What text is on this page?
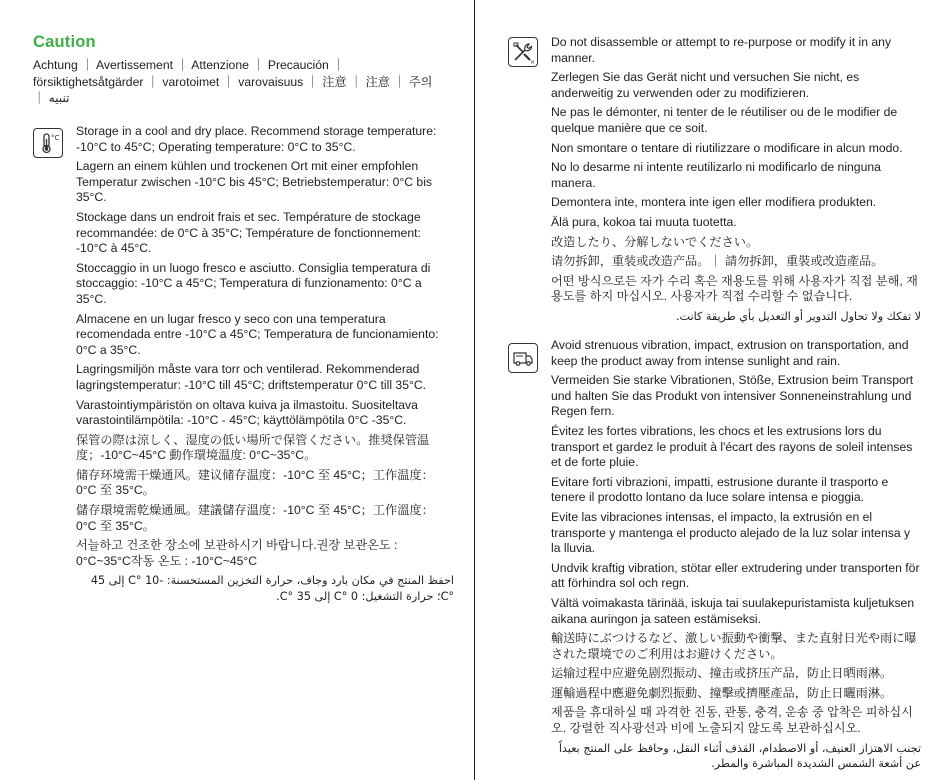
Caution
Achtung ｜ Avertissement ｜ Attenzione ｜ Precaución ｜ försiktighetsåtgärder ｜ varotoimet ｜ varovaisuus ｜ 注意 ｜ 注意 ｜ 주의 ｜ تنبيه
°C Storage in a cool and dry place. Recommend storage temperature: -10°C to 45°C; Operating temperature: 0°C to 35°C.
Lagern an einem kühlen und trockenen Ort mit einer empfohlen Temperatur zwischen -10°C bis 45°C; Betriebstemperatur: 0°C bis 35°C.
Stockage dans un endroit frais et sec. Température de stockage recommandée: de 0°C à 35°C; Température de fonctionnement: -10°C à 45°C.
Stoccaggio in un luogo fresco e asciutto. Consiglia temperatura di stoccaggio: -10°C a 45°C; Temperatura di funzionamento: 0°C a 35°C.
Almacene en un lugar fresco y seco con una temperatura recomendada entre -10°C a 45°C; Temperatura de funcionamiento: 0°C a 35°C.
Lagringsmiljön måste vara torr och ventilerad. Rekommenderad lagringstemperatur: -10°C till 45°C; driftstemperatur 0°C till 35°C.
Varastointiympäristön on oltava kuiva ja ilmastoitu. Suositeltava varastointilämpötila: -10°C - 45°C; käyttölämpötila 0°C -35°C.
保管の際は涼しく、湿度の低い場所で保管ください。推奨保管温度；-10°C~45°C 動作環境温度: 0°C~35°C。
储存环境需干燥通风。建议储存温度：-10°C 至 45°C；工作温度：0°C 至 35°C。
儲存環境需乾燥通風。建議儲存溫度：-10°C 至 45°C；工作溫度：0°C 至 35°C。
서늘하고 건조한 장소에 보관하시기 바랍니다.권장 보관온도 : 0°C~35°C작동 온도 : -10°C~45°C
احفظ المنتج في مكان بارد وجاف، حرارة التخزين المستحسنة: -10 °C إلى 45 °C؛ حرارة التشغيل: 0 °C إلى 35 °C.
×
Do not disassemble or attempt to re-purpose or modify it in any manner.
Zerlegen Sie das Gerät nicht und versuchen Sie nicht, es anderweitig zu verwenden oder zu modifizieren.
Ne pas le démonter, ni tenter de le réutiliser ou de le modifier de quelque manière que ce soit.
Non smontare o tentare di riutilizzare o modificare in alcun modo.
No lo desarme ni intente reutilizarlo ni modificarlo de ninguna manera.
Demontera inte, montera inte igen eller modifiera produkten.
Älä pura, kokoa tai muuta tuotetta.
改造したり、分解しないでください。
请勿拆卸，重装或改造产品。｜ 請勿拆卸，重裝或改造產品。
어떤 방식으로든 자가 수리 혹은 재용도를 위해 사용자가 직접 분해, 재용도를 하지 마십시오. 사용자가 직접 수리할 수 없습니다.
لا تفكك ولا تحاول التدوير أو التعديل بأي طريقة كانت.
Avoid strenuous vibration, impact, extrusion on transportation, and keep the product away from intense sunlight and rain.
Vermeiden Sie starke Vibrationen, Stöße, Extrusion beim Transport und halten Sie das Produkt von intensiver Sonneneinstrahlung und Regen fern.
Évitez les fortes vibrations, les chocs et les extrusions lors du transport et gardez le produit à l'écart des rayons de soleil intenses et de forte pluie.
Evitare forti vibrazioni, impatti, estrusione durante il trasporto e tenere il prodotto lontano da luce solare intensa e pioggia.
Evite las vibraciones intensas, el impacto, la extrusión en el transporte y mantenga el producto alejado de la luz solar intensa y la lluvia.
Undvik kraftig vibration, stötar eller extrudering under transporten för att förhindra sol och regn.
Vältä voimakasta tärinää, iskuja tai suulakepuristamista kuljetuksen aikana auringon ja sateen estämiseksi.
輸送時にぶつけるなど、激しい振動や衝撃、また直射日光や雨に曝された環境でのご利用はお避けください。
运输过程中应避免剧烈振动、撞击或挤压产品，防止日晒雨淋。
運輸過程中應避免劇烈振動、撞擊或擠壓產品，防止日曬雨淋。
제품을 휴대하실 때 과격한 진동, 관통, 충격, 운송 중 압착은 피하십시오. 강렬한 직사광선과 비에 노출되지 않도록 보관하십시오.
تجنب الاهتزاز العنيف، أو الاصطدام، القذف أثناء النقل، وحافظ على المنتج بعيداً عن أشعة الشمس الشديدة المباشرة والمطر.
